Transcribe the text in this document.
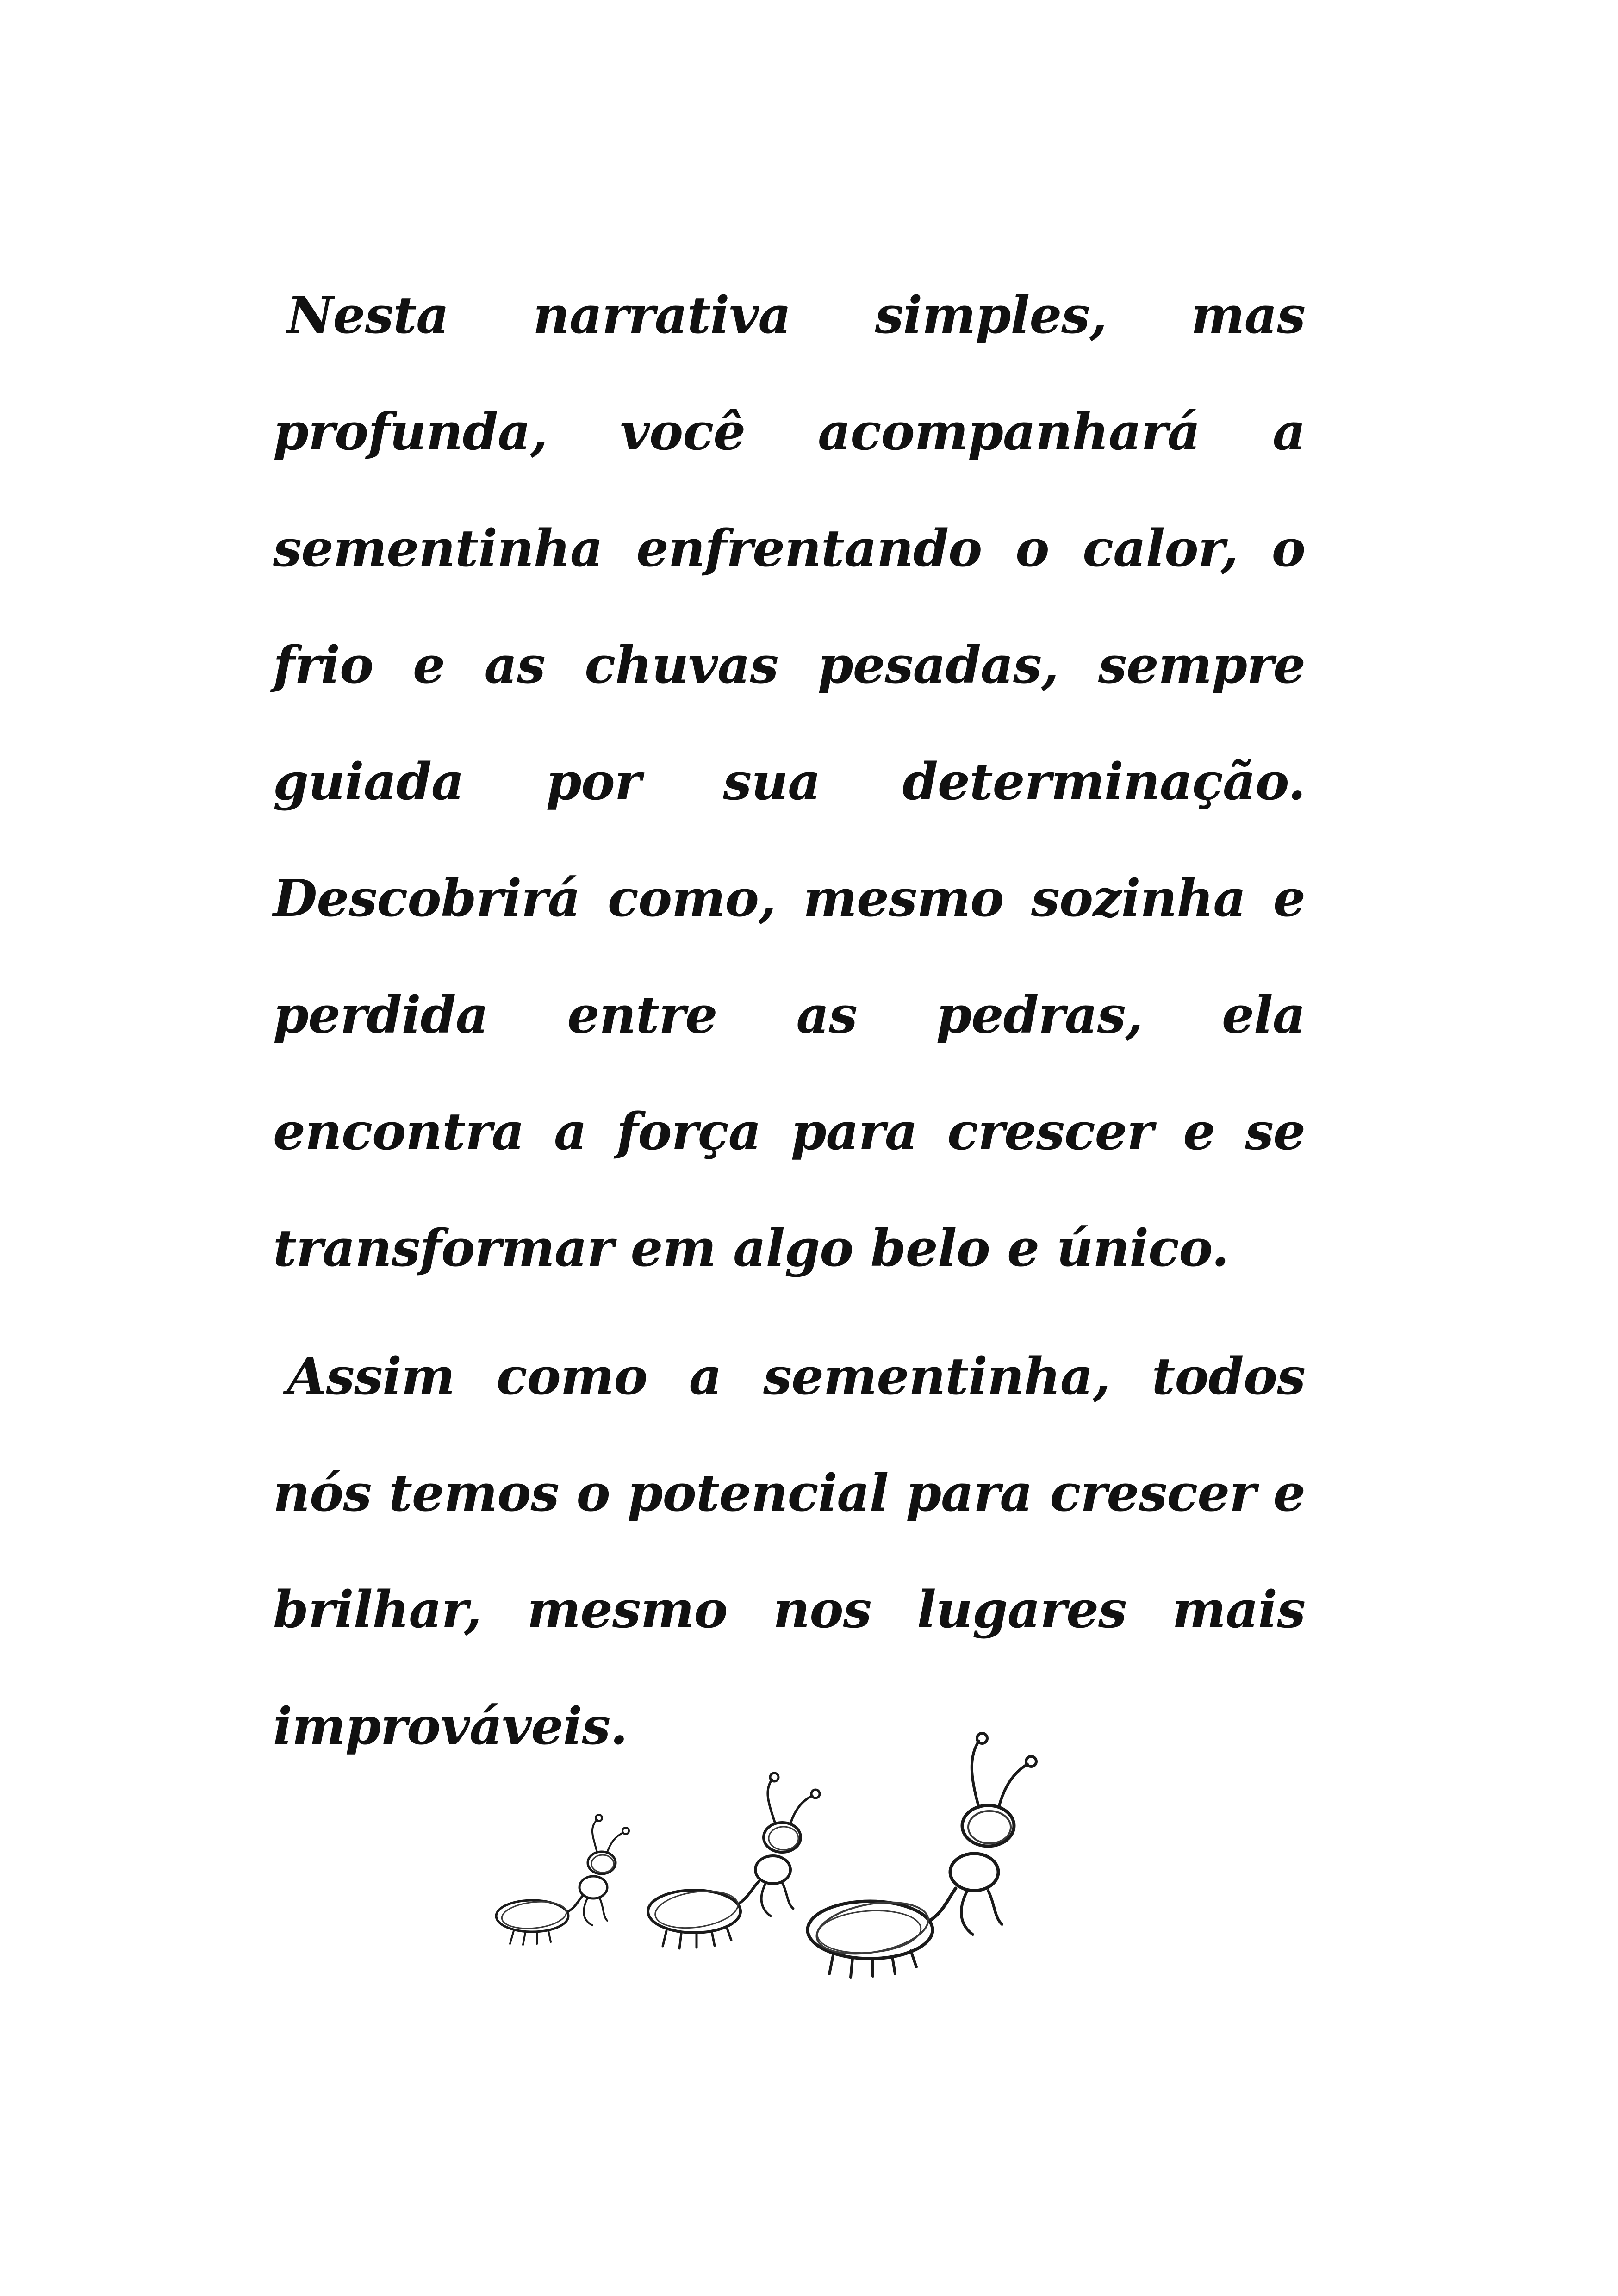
Nesta narrativa simples, mas profunda, você acompanhará a sementinha enfrentando o calor, o frio e as chuvas pesadas, sempre guiada por sua determinação. Descobrirá como, mesmo sozinha e perdida entre as pedras, ela encontra a força para crescer e se transformar em algo belo e único.

Assim como a sementinha, todos nós temos o potencial para crescer e brilhar, mesmo nos lugares mais improváveis.
